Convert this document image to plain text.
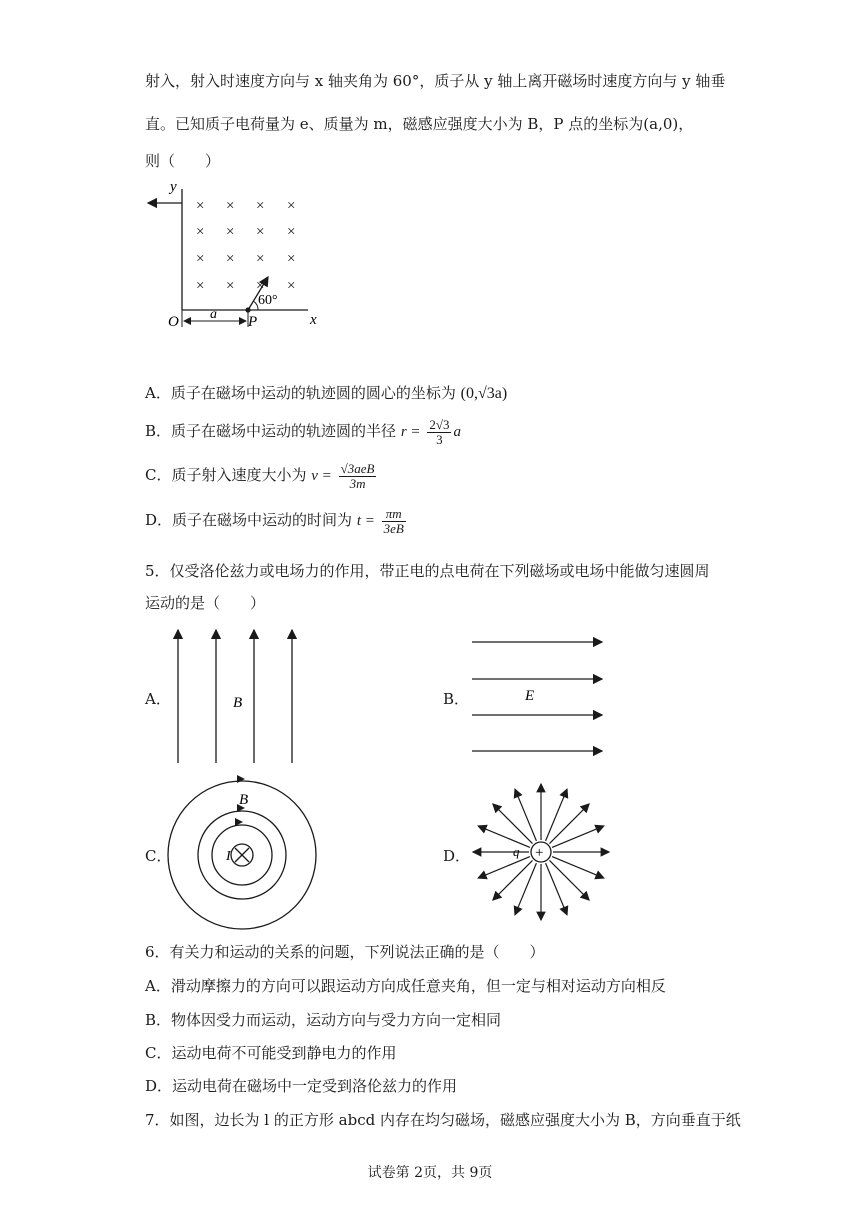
射入，射入时速度方向与 x 轴夹角为 60°，质子从 y 轴上离开磁场时速度方向与 y 轴垂
直。已知质子电荷量为 e、质量为 m，磁感应强度大小为 B，P 点的坐标为(a,0)，
则（　　）
y
x
O
× × × ×
× × × ×
× × × ×
× × × ×
P
60°
a
A．质子在磁场中运动的轨迹圆的圆心的坐标为 (0,√3a)
B．质子在磁场中运动的轨迹圆的半径 $r = \frac{2√3}{3}$ a
C．质子射入速度大小为 $v = \frac{\text{√3aeB}}{3m}$
D．质子在磁场中运动的时间为 $t = \frac{\pi m}{3eB}$
5．仅受洛伦兹力或电场力的作用，带正电的点电荷在下列磁场或电场中能做匀速圆周
运动的是（　　）
A．	B	B．	E
C．
B
I	D．	+
q
6．有关力和运动的关系的问题，下列说法正确的是（　　）
A．滑动摩擦力的方向可以跟运动方向成任意夹角，但一定与相对运动方向相反
B．物体因受力而运动，运动方向与受力方向一定相同
C．运动电荷不可能受到静电力的作用
D．运动电荷在磁场中一定受到洛伦兹力的作用
7．如图，边长为 l 的正方形 abcd 内存在均匀磁场，磁感应强度大小为 B，方向垂直于纸
试卷第 2页，共 9页
